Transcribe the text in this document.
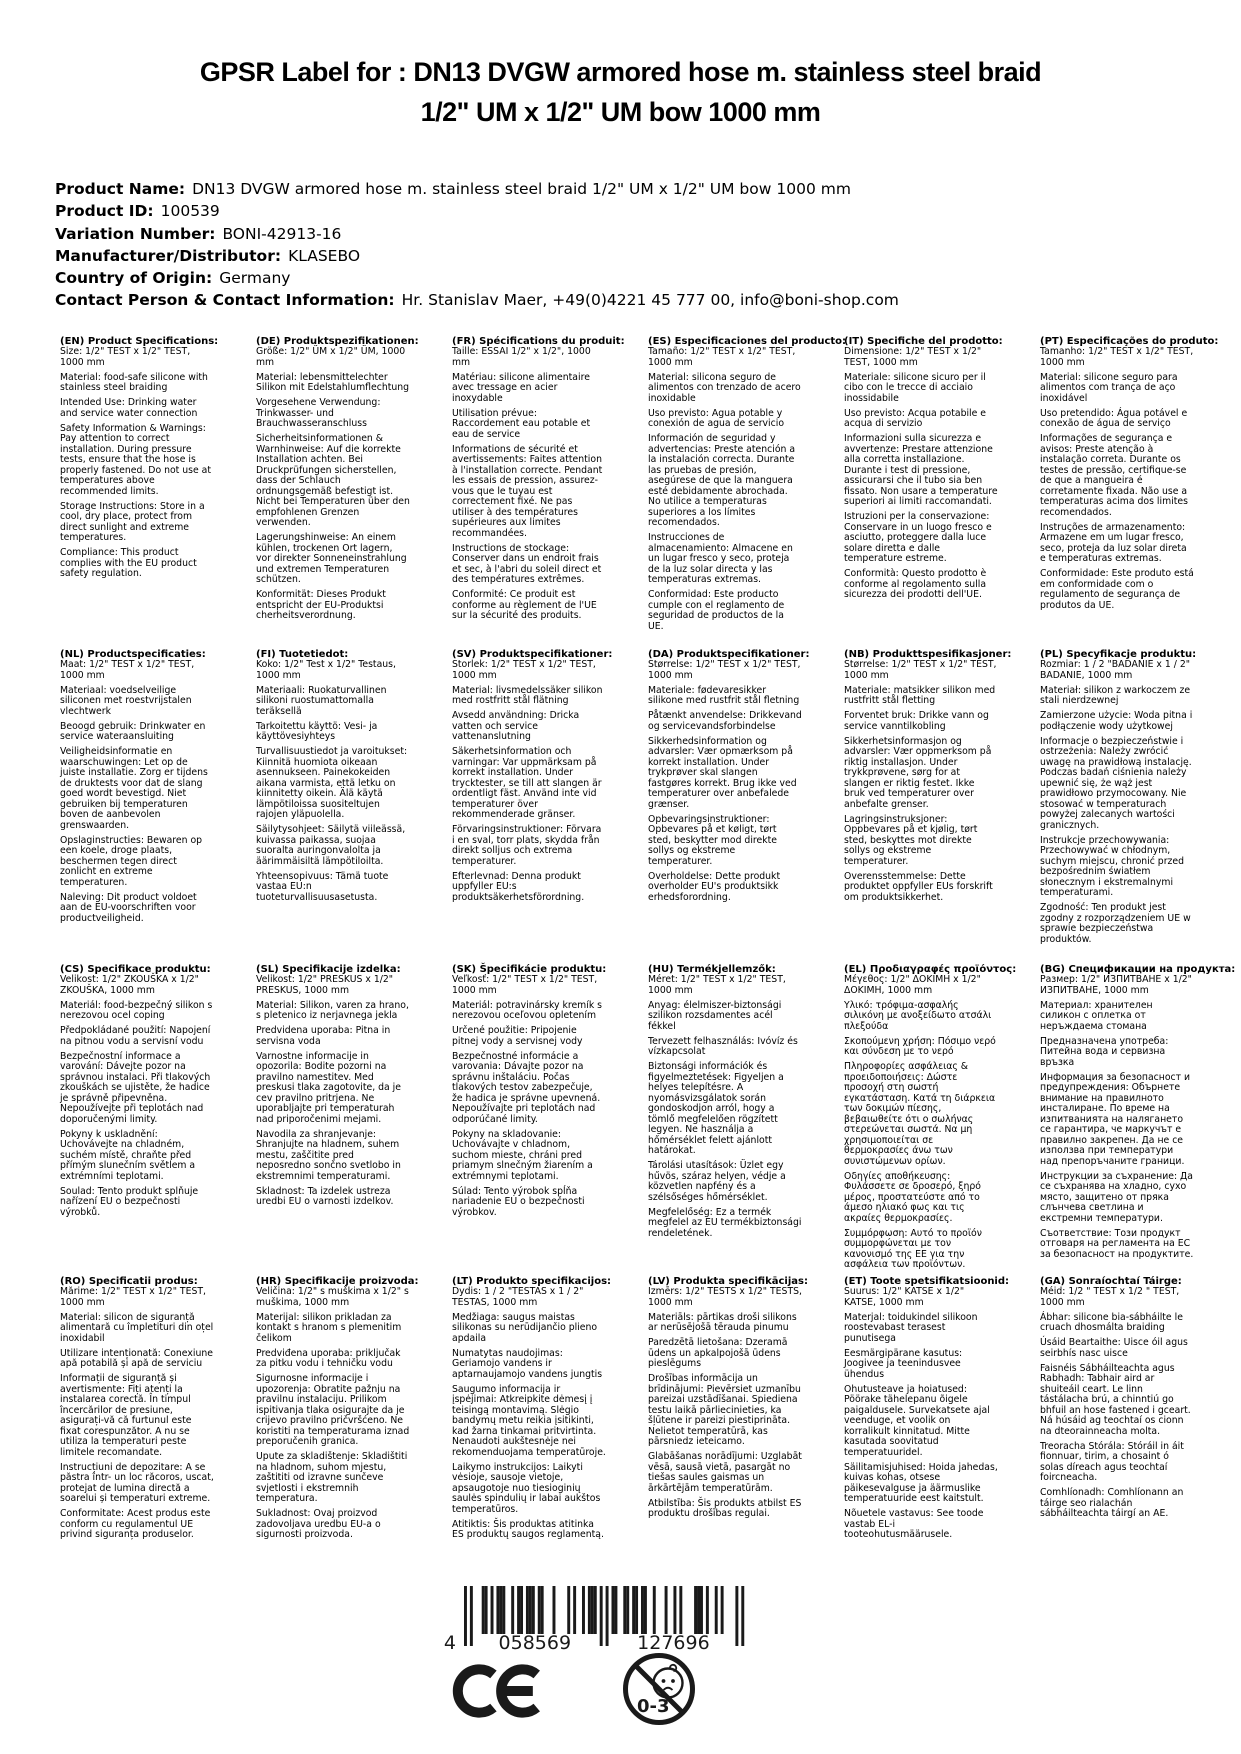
GPSR Label for : DN13 DVGW armored hose m. stainless steel braid
1/2" UM x 1/2" UM bow 1000 mm
Product Name: DN13 DVGW armored hose m. stainless steel braid 1/2" UM x 1/2" UM bow 1000 mm
Product ID: 100539
Variation Number: BONI-42913-16
Manufacturer/Distributor: KLASEBO
Country of Origin: Germany
Contact Person & Contact Information: Hr. Stanislav Maer, +49(0)4221 45 777 00, info@boni-shop.com
(EN) Product Specifications:

Size: 1/2" TEST x 1/2" TEST, 1000 mm

Material: food-safe silicone with stainless steel braiding

Intended Use: Drinking water and service water connection

Safety Information & Warnings: Pay attention to correct installation. During pressure tests, ensure that the hose is properly fastened. Do not use at temperatures above recommended limits.

Storage Instructions: Store in a cool, dry place, protect from direct sunlight and extreme temperatures.

Compliance: This product complies with the EU product safety regulation.

(DE) Produktspezifikationen:

Größe: 1/2" ÜM x 1/2" ÜM, 1000 mm

Material: lebensmittelechter Silikon mit Edelstahlumflechtung

Vorgesehene Verwendung: Trinkwasser- und Brauchwasseranschluss

Sicherheitsinformationen & Warnhinweise: Auf die korrekte Installation achten. Bei Druckprüfungen sicherstellen, dass der Schlauch ordnungsgemäß befestigt ist. Nicht bei Temperaturen über den empfohlenen Grenzen verwenden.

Lagerungshinweise: An einem kühlen, trockenen Ort lagern, vor direkter Sonneneinstrahlung und extremen Temperaturen schützen.

Konformität: Dieses Produkt entspricht der EU-Produktsi cherheitsverordnung.

(FR) Spécifications du produit:

Taille: ESSAI 1/2" x 1/2", 1000 mm

Matériau: silicone alimentaire avec tressage en acier inoxydable

Utilisation prévue: Raccordement eau potable et eau de service

Informations de sécurité et avertissements: Faites attention à l'installation correcte. Pendant les essais de pression, assurez-vous que le tuyau est correctement fixé. Ne pas utiliser à des températures supérieures aux limites recommandées.

Instructions de stockage: Conserver dans un endroit frais et sec, à l'abri du soleil direct et des températures extrêmes.

Conformité: Ce produit est conforme au règlement de l'UE sur la sécurité des produits.

(ES) Especificaciones del producto:

Tamaño: 1/2" TEST x 1/2" TEST, 1000 mm

Material: silicona seguro de alimentos con trenzado de acero inoxidable

Uso previsto: Agua potable y conexión de agua de servicio

Información de seguridad y advertencias: Preste atención a la instalación correcta. Durante las pruebas de presión, asegúrese de que la manguera esté debidamente abrochada. No utilice a temperaturas superiores a los límites recomendados.

Instrucciones de almacenamiento: Almacene en un lugar fresco y seco, proteja de la luz solar directa y las temperaturas extremas.

Conformidad: Este producto cumple con el reglamento de seguridad de productos de la UE.

(IT) Specifiche del prodotto:

Dimensione: 1/2" TEST x 1/2" TEST, 1000 mm

Materiale: silicone sicuro per il cibo con le trecce di acciaio inossidabile

Uso previsto: Acqua potabile e acqua di servizio

Informazioni sulla sicurezza e avvertenze: Prestare attenzione alla corretta installazione. Durante i test di pressione, assicurarsi che il tubo sia ben fissato. Non usare a temperature superiori ai limiti raccomandati.

Istruzioni per la conservazione: Conservare in un luogo fresco e asciutto, proteggere dalla luce solare diretta e dalle temperature estreme.

Conformità: Questo prodotto è conforme al regolamento sulla sicurezza dei prodotti dell'UE.

(PT) Especificações do produto:

Tamanho: 1/2" TEST x 1/2" TEST, 1000 mm

Material: silicone seguro para alimentos com trança de aço inoxidável

Uso pretendido: Água potável e conexão de água de serviço

Informações de segurança e avisos: Preste atenção à instalação correta. Durante os testes de pressão, certifique-se de que a mangueira é corretamente fixada. Não use a temperaturas acima dos limites recomendados.

Instruções de armazenamento: Armazene em um lugar fresco, seco, proteja da luz solar direta e temperaturas extremas.

Conformidade: Este produto está em conformidade com o regulamento de segurança de produtos da UE.

(NL) Productspecificaties:

Maat: 1/2" TEST x 1/2" TEST, 1000 mm

Materiaal: voedselveilige siliconen met roestvrijstalen vlechtwerk

Beoogd gebruik: Drinkwater en service wateraansluiting

Veiligheidsinformatie en waarschuwingen: Let op de juiste installatie. Zorg er tijdens de druktests voor dat de slang goed wordt bevestigd. Niet gebruiken bij temperaturen boven de aanbevolen grenswaarden.

Opslaginstructies: Bewaren op een koele, droge plaats, beschermen tegen direct zonlicht en extreme temperaturen.

Naleving: Dit product voldoet aan de EU-voorschriften voor productveiligheid.

(FI) Tuotetiedot:

Koko: 1/2" Test x 1/2" Testaus, 1000 mm

Materiaali: Ruokaturvallinen silikoni ruostumattomalla teräksellä

Tarkoitettu käyttö: Vesi- ja käyttövesiyhteys

Turvallisuustiedot ja varoitukset: Kiinnitä huomiota oikeaan asennukseen. Painekokeiden aikana varmista, että letku on kiinnitetty oikein. Älä käytä lämpötiloissa suositeltujen rajojen yläpuolella.

Säilytysohjeet: Säilytä viileässä, kuivassa paikassa, suojaa suoralta auringonvalolta ja äärimmäisiltä lämpötiloilta.

Yhteensopivuus: Tämä tuote vastaa EU:n tuoteturvallisuusasetusta.

(SV) Produktspecifikationer:

Storlek: 1/2" TEST x 1/2" TEST, 1000 mm

Material: livsmedelssäker silikon med rostfritt stål flätning

Avsedd användning: Dricka vatten och service vattenanslutning

Säkerhetsinformation och varningar: Var uppmärksam på korrekt installation. Under trycktester, se till att slangen är ordentligt fäst. Använd inte vid temperaturer över rekommenderade gränser.

Förvaringsinstruktioner: Förvara i en sval, torr plats, skydda från direkt solljus och extrema temperaturer.

Efterlevnad: Denna produkt uppfyller EU:s produktsäkerhetsförordning.

(DA) Produktspecifikationer:

Størrelse: 1/2" TEST x 1/2" TEST, 1000 mm

Materiale: fødevaresikker silikone med rustfrit stål fletning

Påtænkt anvendelse: Drikkevand og servicevandsforbindelse

Sikkerhedsinformation og advarsler: Vær opmærksom på korrekt installation. Under trykprøver skal slangen fastgøres korrekt. Brug ikke ved temperaturer over anbefalede grænser.

Opbevaringsinstruktioner: Opbevares på et køligt, tørt sted, beskytter mod direkte sollys og ekstreme temperaturer.

Overholdelse: Dette produkt overholder EU's produktsikk erhedsforordning.

(NB) Produkttspesifikasjoner:

Størrelse: 1/2" TEST x 1/2" TEST, 1000 mm

Materiale: matsikker silikon med rustfritt stål fletting

Forventet bruk: Drikke vann og service vanntilkobling

Sikkerhetsinformasjon og advarsler: Vær oppmerksom på riktig installasjon. Under trykkprøvene, sørg for at slangen er riktig festet. Ikke bruk ved temperaturer over anbefalte grenser.

Lagringsinstruksjoner: Oppbevares på et kjølig, tørt sted, beskyttes mot direkte sollys og ekstreme temperaturer.

Overensstemmelse: Dette produktet oppfyller EUs forskrift om produktsikkerhet.

(PL) Specyfikacje produktu:

Rozmiar: 1 / 2 "BADANIE x 1 / 2" BADANIE, 1000 mm

Materiał: silikon z warkoczem ze stali nierdzewnej

Zamierzone użycie: Woda pitna i podłączenie wody użytkowej

Informacje o bezpieczeństwie i ostrzeżenia: Należy zwrócić uwagę na prawidłową instalację. Podczas badań ciśnienia należy upewnić się, że wąż jest prawidłowo przymocowany. Nie stosować w temperaturach powyżej zalecanych wartości granicznych.

Instrukcje przechowywania: Przechowywać w chłodnym, suchym miejscu, chronić przed bezpośrednim światłem słonecznym i ekstremalnymi temperaturami.

Zgodność: Ten produkt jest zgodny z rozporządzeniem UE w sprawie bezpieczeństwa produktów.

(CS) Specifikace produktu:

Velikost: 1/2" ZKOUŠKA x 1/2" ZKOUŠKA, 1000 mm

Materiál: food-bezpečný silikon s nerezovou ocel coping

Předpokládané použití: Napojení na pitnou vodu a servisní vodu

Bezpečnostní informace a varování: Dávejte pozor na správnou instalaci. Při tlakových zkouškách se ujistěte, že hadice je správně připevněna. Nepoužívejte při teplotách nad doporučenými limity.

Pokyny k uskladnění: Uchovávejte na chladném, suchém místě, chraňte před přímým slunečním světlem a extrémními teplotami.

Soulad: Tento produkt splňuje nařízení EU o bezpečnosti výrobků.

(SL) Specifikacije izdelka:

Velikost: 1/2" PRESKUS x 1/2" PRESKUS, 1000 mm

Material: Silikon, varen za hrano, s pletenico iz nerjavnega jekla

Predvidena uporaba: Pitna in servisna voda

Varnostne informacije in opozorila: Bodite pozorni na pravilno namestitev. Med preskusi tlaka zagotovite, da je cev pravilno pritrjena. Ne uporabljajte pri temperaturah nad priporočenimi mejami.

Navodila za shranjevanje: Shranjujte na hladnem, suhem mestu, zaščitite pred neposredno sončno svetlobo in ekstremnimi temperaturami.

Skladnost: Ta izdelek ustreza uredbi EU o varnosti izdelkov.

(SK) Špecifikácie produktu:

Veľkosť: 1/2" TEST x 1/2" TEST, 1000 mm

Materiál: potravinársky kremík s nerezovou oceľovou opletením

Určené použitie: Pripojenie pitnej vody a servisnej vody

Bezpečnostné informácie a varovania: Dávajte pozor na správnu inštaláciu. Počas tlakových testov zabezpečuje, že hadica je správne upevnená. Nepoužívajte pri teplotách nad odporúčané limity.

Pokyny na skladovanie: Uchovávajte v chladnom, suchom mieste, chráni pred priamym slnečným žiarením a extrémnymi teplotami.

Súlad: Tento výrobok spĺňa nariadenie EÚ o bezpečnosti výrobkov.

(HU) Termékjellemzők:

Méret: 1/2" TEST x 1/2" TEST, 1000 mm

Anyag: élelmiszer-biztonsági szilikon rozsdamentes acél fékkel

Tervezett felhasználás: Ivóvíz és vízkapcsolat

Biztonsági információk és figyelmeztetések: Figyeljen a helyes telepítésre. A nyomásvizsgálatok során gondoskodjon arról, hogy a tömlő megfelelően rögzített legyen. Ne használja a hőmérséklet felett ajánlott határokat.

Tárolási utasítások: Üzlet egy hűvös, száraz helyen, védje a közvetlen napfény és a szélsőséges hőmérséklet.

Megfelelőség: Ez a termék megfelel az EU termékbiztonsági rendeletének.

(EL) Προδιαγραφές προϊόντος:

Μέγεθος: 1/2" ΔΟΚΙΜΗ x 1/2" ΔΟΚΙΜΗ, 1000 mm

Υλικό: τρόφιμα-ασφαλής σιλικόνη με ανοξείδωτο ατσάλι πλεξούδα

Σκοπούμενη χρήση: Πόσιμο νερό και σύνδεση με το νερό

Πληροφορίες ασφάλειας & προειδοποιήσεις: Δώστε προσοχή στη σωστή εγκατάσταση. Κατά τη διάρκεια των δοκιμών πίεσης, βεβαιωθείτε ότι ο σωλήνας στερεώνεται σωστά. Να μη χρησιμοποιείται σε θερμοκρασίες άνω των συνιστώμενων ορίων.

Οδηγίες αποθήκευσης: Φυλάσσετε σε δροσερό, ξηρό μέρος, προστατεύστε από το άμεσο ηλιακό φως και τις ακραίες θερμοκρασίες.

Συμμόρφωση: Αυτό το προϊόν συμμορφώνεται με τον κανονισμό της ΕΕ για την ασφάλεια των προϊόντων.

(BG) Спецификации на продукта:

Размер: 1/2" ИЗПИТВАНЕ x 1/2" ИЗПИТВАНЕ, 1000 mm

Материал: хранителен силикон с оплетка от неръждаема стомана

Предназначена употреба: Питейна вода и сервизна връзка

Информация за безопасност и предупреждения: Обърнете внимание на правилното инсталиране. По време на изпитванията на налягането се гарантира, че маркучът е правилно закрепен. Да не се използва при температури над препоръчаните граници.

Инструкции за съхранение: Да се съхранява на хладно, сухо място, защитено от пряка слънчева светлина и екстремни температури.

Съответствие: Този продукт отговаря на регламента на ЕС за безопасност на продуктите.

(RO) Specificatii produs:

Mărime: 1/2" TEST x 1/2" TEST, 1000 mm

Material: silicon de siguranță alimentară cu împletituri din oțel inoxidabil

Utilizare intenționată: Conexiune apă potabilă și apă de serviciu

Informații de siguranță și avertismente: Fiți atenți la instalarea corectă. În timpul încercărilor de presiune, asigurați-vă că furtunul este fixat corespunzător. A nu se utiliza la temperaturi peste limitele recomandate.

Instrucțiuni de depozitare: A se păstra într- un loc răcoros, uscat, protejat de lumina directă a soarelui și temperaturi extreme.

Conformitate: Acest produs este conform cu regulamentul UE privind siguranța produselor.

(HR) Specifikacije proizvoda:

Veličina: 1/2" s muškima x 1/2" s muškima, 1000 mm

Materijal: silikon prikladan za kontakt s hranom s plemenitim čelikom

Predviđena uporaba: priključak za pitku vodu i tehničku vodu

Sigurnosne informacije i upozorenja: Obratite pažnju na pravilnu instalaciju. Prilikom ispitivanja tlaka osigurajte da je crijevo pravilno pričvršćeno. Ne koristiti na temperaturama iznad preporučenih granica.

Upute za skladištenje: Skladištiti na hladnom, suhom mjestu, zaštititi od izravne sunčeve svjetlosti i ekstremnih temperatura.

Sukladnost: Ovaj proizvod zadovoljava uredbu EU-a o sigurnosti proizvoda.

(LT) Produkto specifikacijos:

Dydis: 1 / 2 "TESTAS x 1 / 2" TESTAS, 1000 mm

Medžiaga: saugus maistas silikonas su nerūdijančio plieno apdaila

Numatytas naudojimas: Geriamojo vandens ir aptarnaujamojo vandens jungtis

Saugumo informacija ir įspėjimai: Atkreipkite dėmesį į teisingą montavimą. Slėgio bandymų metu reikia įsitikinti, kad žarna tinkamai pritvirtinta. Nenaudoti aukštesnėje nei rekomenduojama temperatūroje.

Laikymo instrukcijos: Laikyti vėsioje, sausoje vietoje, apsaugotoje nuo tiesioginių saulės spindulių ir labai aukštos temperatūros.

Atitiktis: Šis produktas atitinka ES produktų saugos reglamentą.

(LV) Produkta specifikācijas:

Izmērs: 1/2" TESTS x 1/2" TESTS, 1000 mm

Materiāls: pārtikas droši silikons ar nerūsējošā tērauda pinumu

Paredzētā lietošana: Dzeramā ūdens un apkalpojošā ūdens pieslēgums

Drošības informācija un brīdinājumi: Pievērsiet uzmanību pareizai uzstādīšanai. Spiediena testu laikā pārliecinieties, ka šļūtene ir pareizi piestiprināta. Nelietot temperatūrā, kas pārsniedz ieteicamo.

Glabāšanas norādījumi: Uzglabāt vēsā, sausā vietā, pasargāt no tiešas saules gaismas un ārkārtējām temperatūrām.

Atbilstība: Šis produkts atbilst ES produktu drošības regulai.

(ET) Toote spetsifikatsioonid:

Suurus: 1/2" KATSE x 1/2" KATSE, 1000 mm

Materjal: toidukindel silikoon roostevabast terasest punutisega

Eesmärgipärane kasutus: Joogivee ja teenindusvee ühendus

Ohutusteave ja hoiatused: Pöörake tähelepanu õigele paigaldusele. Survekatsete ajal veenduge, et voolik on korralikult kinnitatud. Mitte kasutada soovitatud temperatuuridel.

Säilitamisjuhised: Hoida jahedas, kuivas kohas, otsese päikesevalguse ja äärmuslike temperatuuride eest kaitstult.

Nõuetele vastavus: See toode vastab EL-i tooteohutusmäärusele.

(GA) Sonraíochtaí Táirge:

Méid: 1/2 " TEST x 1/2 " TEST, 1000 mm

Ábhar: silicone bia-sábháilte le cruach dhosmálta braiding

Úsáid Beartaithe: Uisce óil agus seirbhís nasc uisce

Faisnéis Sábháilteachta agus Rabhadh: Tabhair aird ar shuiteáil ceart. Le linn tástálacha brú, a chinntiú go bhfuil an hose fastened i gceart. Ná húsáid ag teochtaí os cionn na dteorainneacha molta.

Treoracha Stórála: Stóráil in áit fionnuar, tirim, a chosaint ó solas díreach agus teochtaí foircneacha.

Comhlíonadh: Comhlíonann an táirge seo rialachán sábháilteachta táirgí an AE.

4 058569	127696
0-3
